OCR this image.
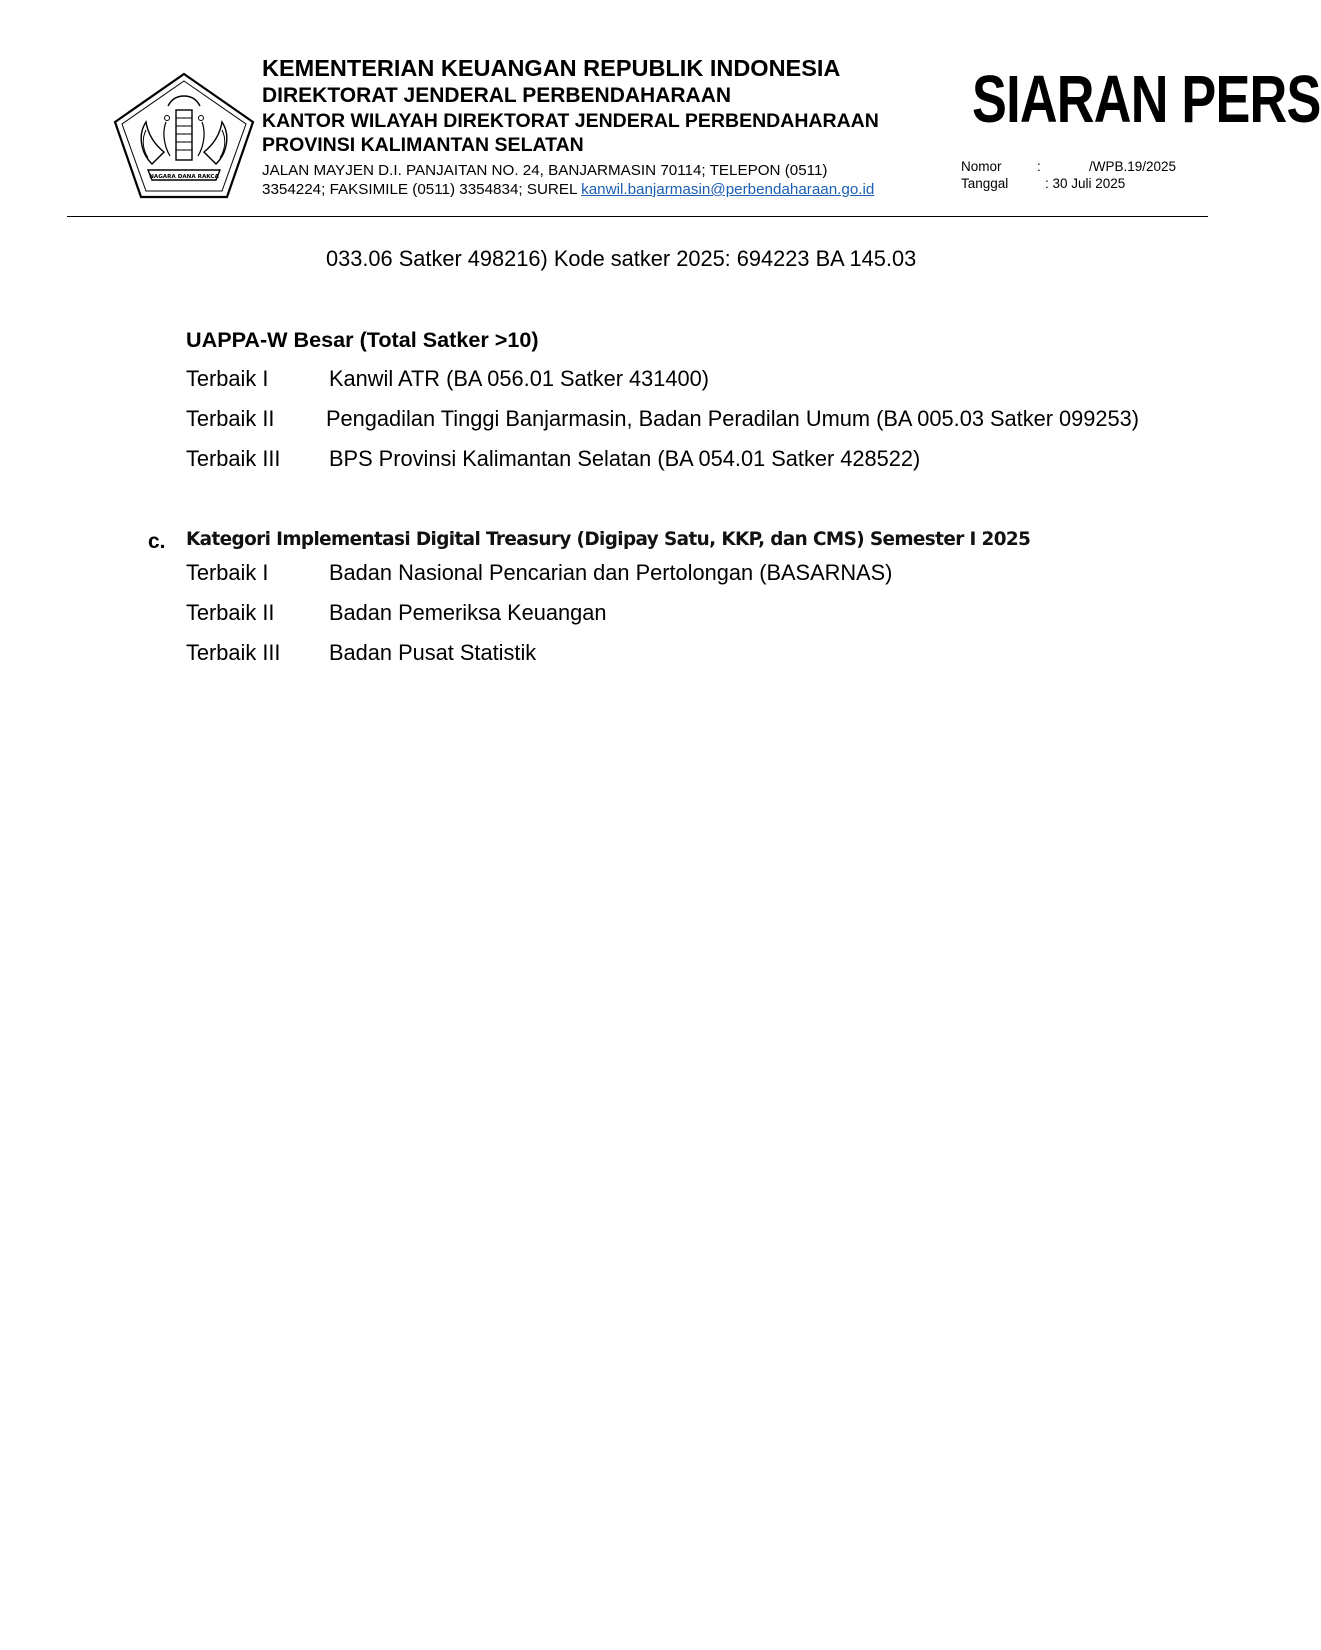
NAGARA DANA RAKCA
KEMENTERIAN KEUANGAN REPUBLIK INDONESIA
DIREKTORAT JENDERAL PERBENDAHARAAN
KANTOR WILAYAH DIREKTORAT JENDERAL PERBENDAHARAAN
PROVINSI KALIMANTAN SELATAN
JALAN MAYJEN D.I. PANJAITAN NO. 24, BANJARMASIN 70114; TELEPON (0511)
3354224; FAKSIMILE (0511) 3354834; SUREL kanwil.banjarmasin@perbendaharaan.go.id
SIARAN PERS
Nomor	:	/WPB.19/2025
Tanggal	: 30 Juli 2025
033.06 Satker 498216) Kode satker 2025: 694223 BA 145.03
UAPPA-W Besar (Total Satker >10)
Terbaik I	Kanwil ATR (BA 056.01 Satker 431400)
Terbaik II Pengadilan Tinggi Banjarmasin, Badan Peradilan Umum (BA 005.03 Satker 099253)
Terbaik III BPS Provinsi Kalimantan Selatan (BA 054.01 Satker 428522)
c. Kategori Implementasi Digital Treasury (Digipay Satu, KKP, dan CMS) Semester I 2025
Terbaik I	Badan Nasional Pencarian dan Pertolongan (BASARNAS)
Terbaik II	Badan Pemeriksa Keuangan
Terbaik III Badan Pusat Statistik
